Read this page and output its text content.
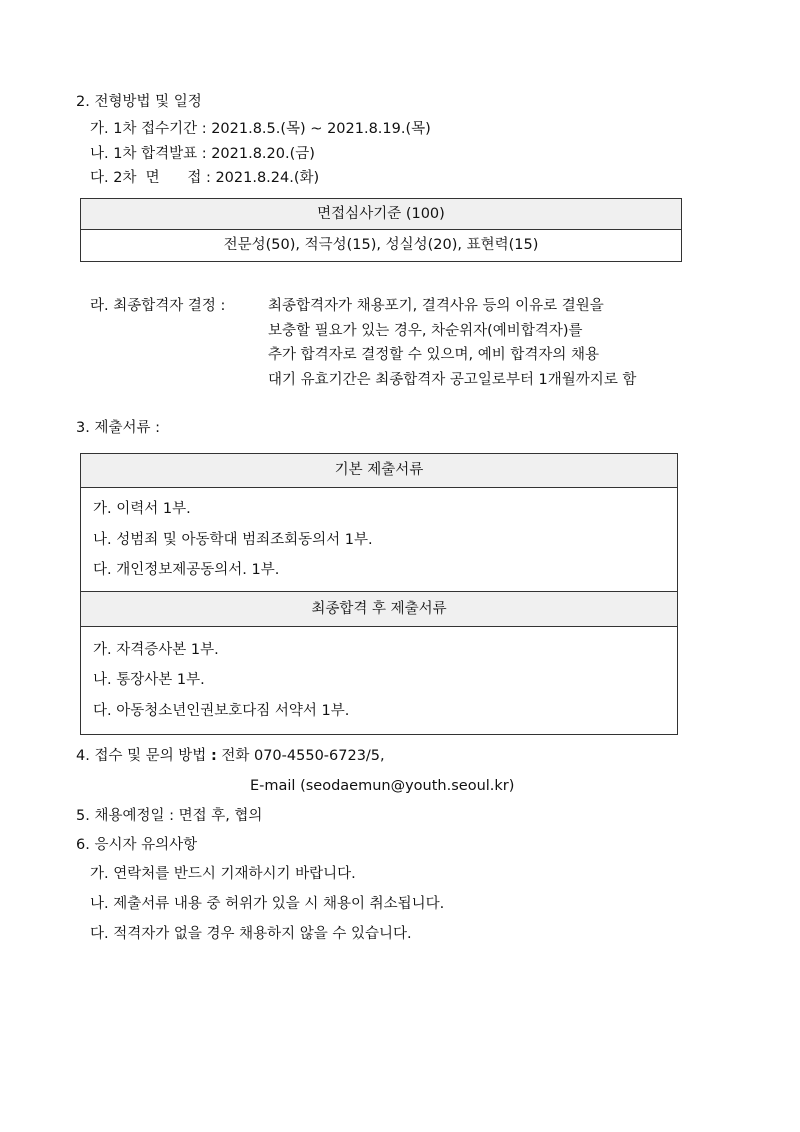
2. 전형방법 및 일정
가. 1차 접수기간 : 2021.8.5.(목) ~ 2021.8.19.(목)
나. 1차 합격발표 : 2021.8.20.(금)
다. 2차  면      접 : 2021.8.24.(화)
면접심사기준 (100)
전문성(50), 적극성(15), 성실성(20), 표현력(15)
라. 최종합격자 결정 :	최종합격자가 채용포기, 결격사유 등의 이유로 결원을
보충할 필요가 있는 경우, 차순위자(예비합격자)를
추가 합격자로 결정할 수 있으며, 예비 합격자의 채용
대기 유효기간은 최종합격자 공고일로부터 1개월까지로 함
3. 제출서류 :
기본 제출서류
가. 이력서 1부.
나. 성범죄 및 아동학대 범죄조회동의서 1부.
다. 개인정보제공동의서. 1부.
최종합격 후 제출서류
가. 자격증사본 1부.
나. 통장사본 1부.
다. 아동청소년인권보호다짐 서약서 1부.
4. 접수 및 문의 방법 : 전화 070-4550-6723/5,
E-mail (seodaemun@youth.seoul.kr)
5. 채용예정일 : 면접 후, 협의
6. 응시자 유의사항
가. 연락처를 반드시 기재하시기 바랍니다.
나. 제출서류 내용 중 허위가 있을 시 채용이 취소됩니다.
다. 적격자가 없을 경우 채용하지 않을 수 있습니다.
